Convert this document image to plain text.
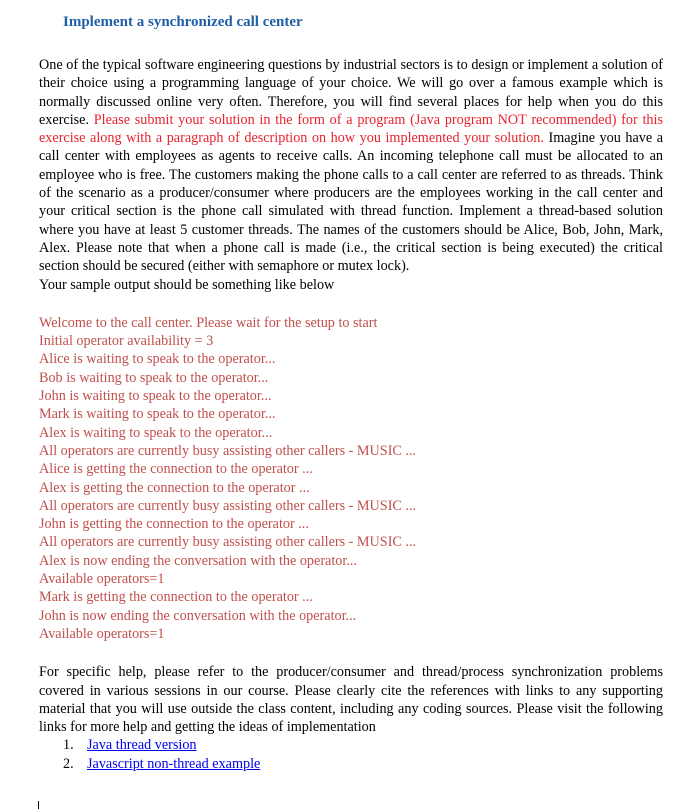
Implement a synchronized call center

One of the typical software engineering questions by industrial sectors is to design or implement a solution of their choice using a programming language of your choice. We will go over a famous example which is normally discussed online very often. Therefore, you will find several places for help when you do this exercise. Please submit your solution in the form of a program (Java program NOT recommended) for this exercise along with a paragraph of description on how you implemented your solution. Imagine you have a call center with employees as agents to receive calls. An incoming telephone call must be allocated to an employee who is free. The customers making the phone calls to a call center are referred to as threads. Think of the scenario as a producer/consumer where producers are the employees working in the call center and your critical section is the phone call simulated with thread function. Implement a thread-based solution where you have at least 5 customer threads. The names of the customers should be Alice, Bob, John, Mark, Alex. Please note that when a phone call is made (i.e., the critical section is being executed) the critical section should be secured (either with semaphore or mutex lock).

Your sample output should be something like below

Welcome to the call center. Please wait for the setup to start
Initial operator availability = 3
Alice is waiting to speak to the operator...
Bob is waiting to speak to the operator...
John is waiting to speak to the operator...
Mark is waiting to speak to the operator...
Alex is waiting to speak to the operator...
All operators are currently busy assisting other callers - MUSIC ...
Alice is getting the connection to the operator ...
Alex is getting the connection to the operator ...
All operators are currently busy assisting other callers - MUSIC ...
John is getting the connection to the operator ...
All operators are currently busy assisting other callers - MUSIC ...
Alex is now ending the conversation with the operator...
Available operators=1
Mark is getting the connection to the operator ...
John is now ending the conversation with the operator...
Available operators=1

For specific help, please refer to the producer/consumer and thread/process synchronization problems covered in various sessions in our course. Please clearly cite the references with links to any supporting material that you will use outside the class content, including any coding sources. Please visit the following links for more help and getting the ideas of implementation

1. Java thread version
2. Javascript non-thread example
